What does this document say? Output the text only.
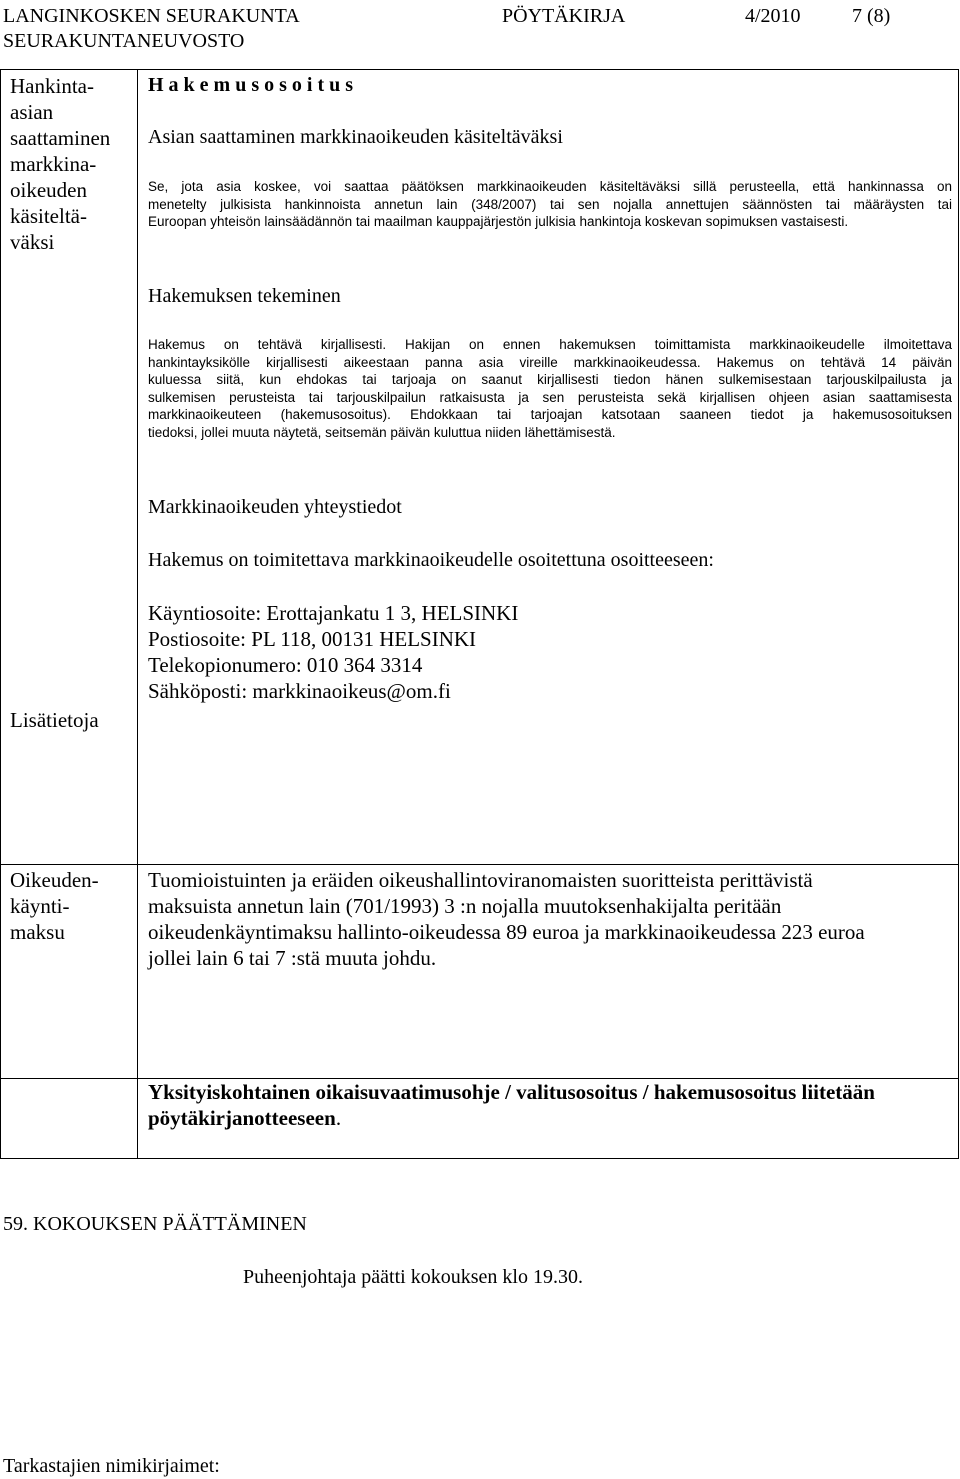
LANGINKOSKEN SEURAKUNTA
SEURAKUNTANEUVOSTO
PÖYTÄKIRJA	4/2010	7 (8)
Hankinta-
asian
saattaminen
markkina-
oikeuden
käsiteltä-
väksi
H a k e m u s o s o i t u s
Asian saattaminen markkinaoikeuden käsiteltäväksi
Se, jota asia koskee, voi saattaa päätöksen markkinaoikeuden käsiteltäväksi sillä perusteella, että hankinnassa on
menetelty julkisista hankinnoista annetun lain (348/2007) tai sen nojalla annettujen säännösten tai määräysten tai
Euroopan yhteisön lainsäädännön tai maailman kauppajärjestön julkisia hankintoja koskevan sopimuksen vastaisesti.
Hakemuksen tekeminen
Hakemus on tehtävä kirjallisesti. Hakijan on ennen hakemuksen toimittamista markkinaoikeudelle ilmoitettava
hankintayksikölle kirjallisesti aikeestaan panna asia vireille markkinaoikeudessa. Hakemus on tehtävä 14 päivän
kuluessa siitä, kun ehdokas tai tarjoaja on saanut kirjallisesti tiedon hänen sulkemisestaan tarjouskilpailusta ja
sulkemisen perusteista tai tarjouskilpailun ratkaisusta ja sen perusteista sekä kirjallisen ohjeen asian saattamisesta
markkinaoikeuteen (hakemusosoitus). Ehdokkaan tai tarjoajan katsotaan saaneen tiedot ja hakemusosoituksen
tiedoksi, jollei muuta näytetä, seitsemän päivän kuluttua niiden lähettämisestä.
Markkinaoikeuden yhteystiedot
Hakemus on toimitettava markkinaoikeudelle osoitettuna osoitteeseen:
Käyntiosoite: Erottajankatu 1 3, HELSINKI
Postiosoite: PL 118, 00131 HELSINKI
Telekopionumero: 010 364 3314
Sähköposti: markkinaoikeus@om.fi
Lisätietoja
Oikeuden-
käynti-
maksu
Tuomioistuinten ja eräiden oikeushallintoviranomaisten suoritteista perittävistä
maksuista annetun lain (701/1993) 3 :n nojalla muutoksenhakijalta peritään
oikeudenkäyntimaksu hallinto-oikeudessa 89 euroa ja markkinaoikeudessa 223 euroa
jollei lain 6 tai 7 :stä muuta johdu.
Yksityiskohtainen oikaisuvaatimusohje / valitusosoitus / hakemusosoitus liitetään pöytäkirjanotteeseen.
59. KOKOUKSEN PÄÄTTÄMINEN
Puheenjohtaja päätti kokouksen klo 19.30.
Tarkastajien nimikirjaimet:
